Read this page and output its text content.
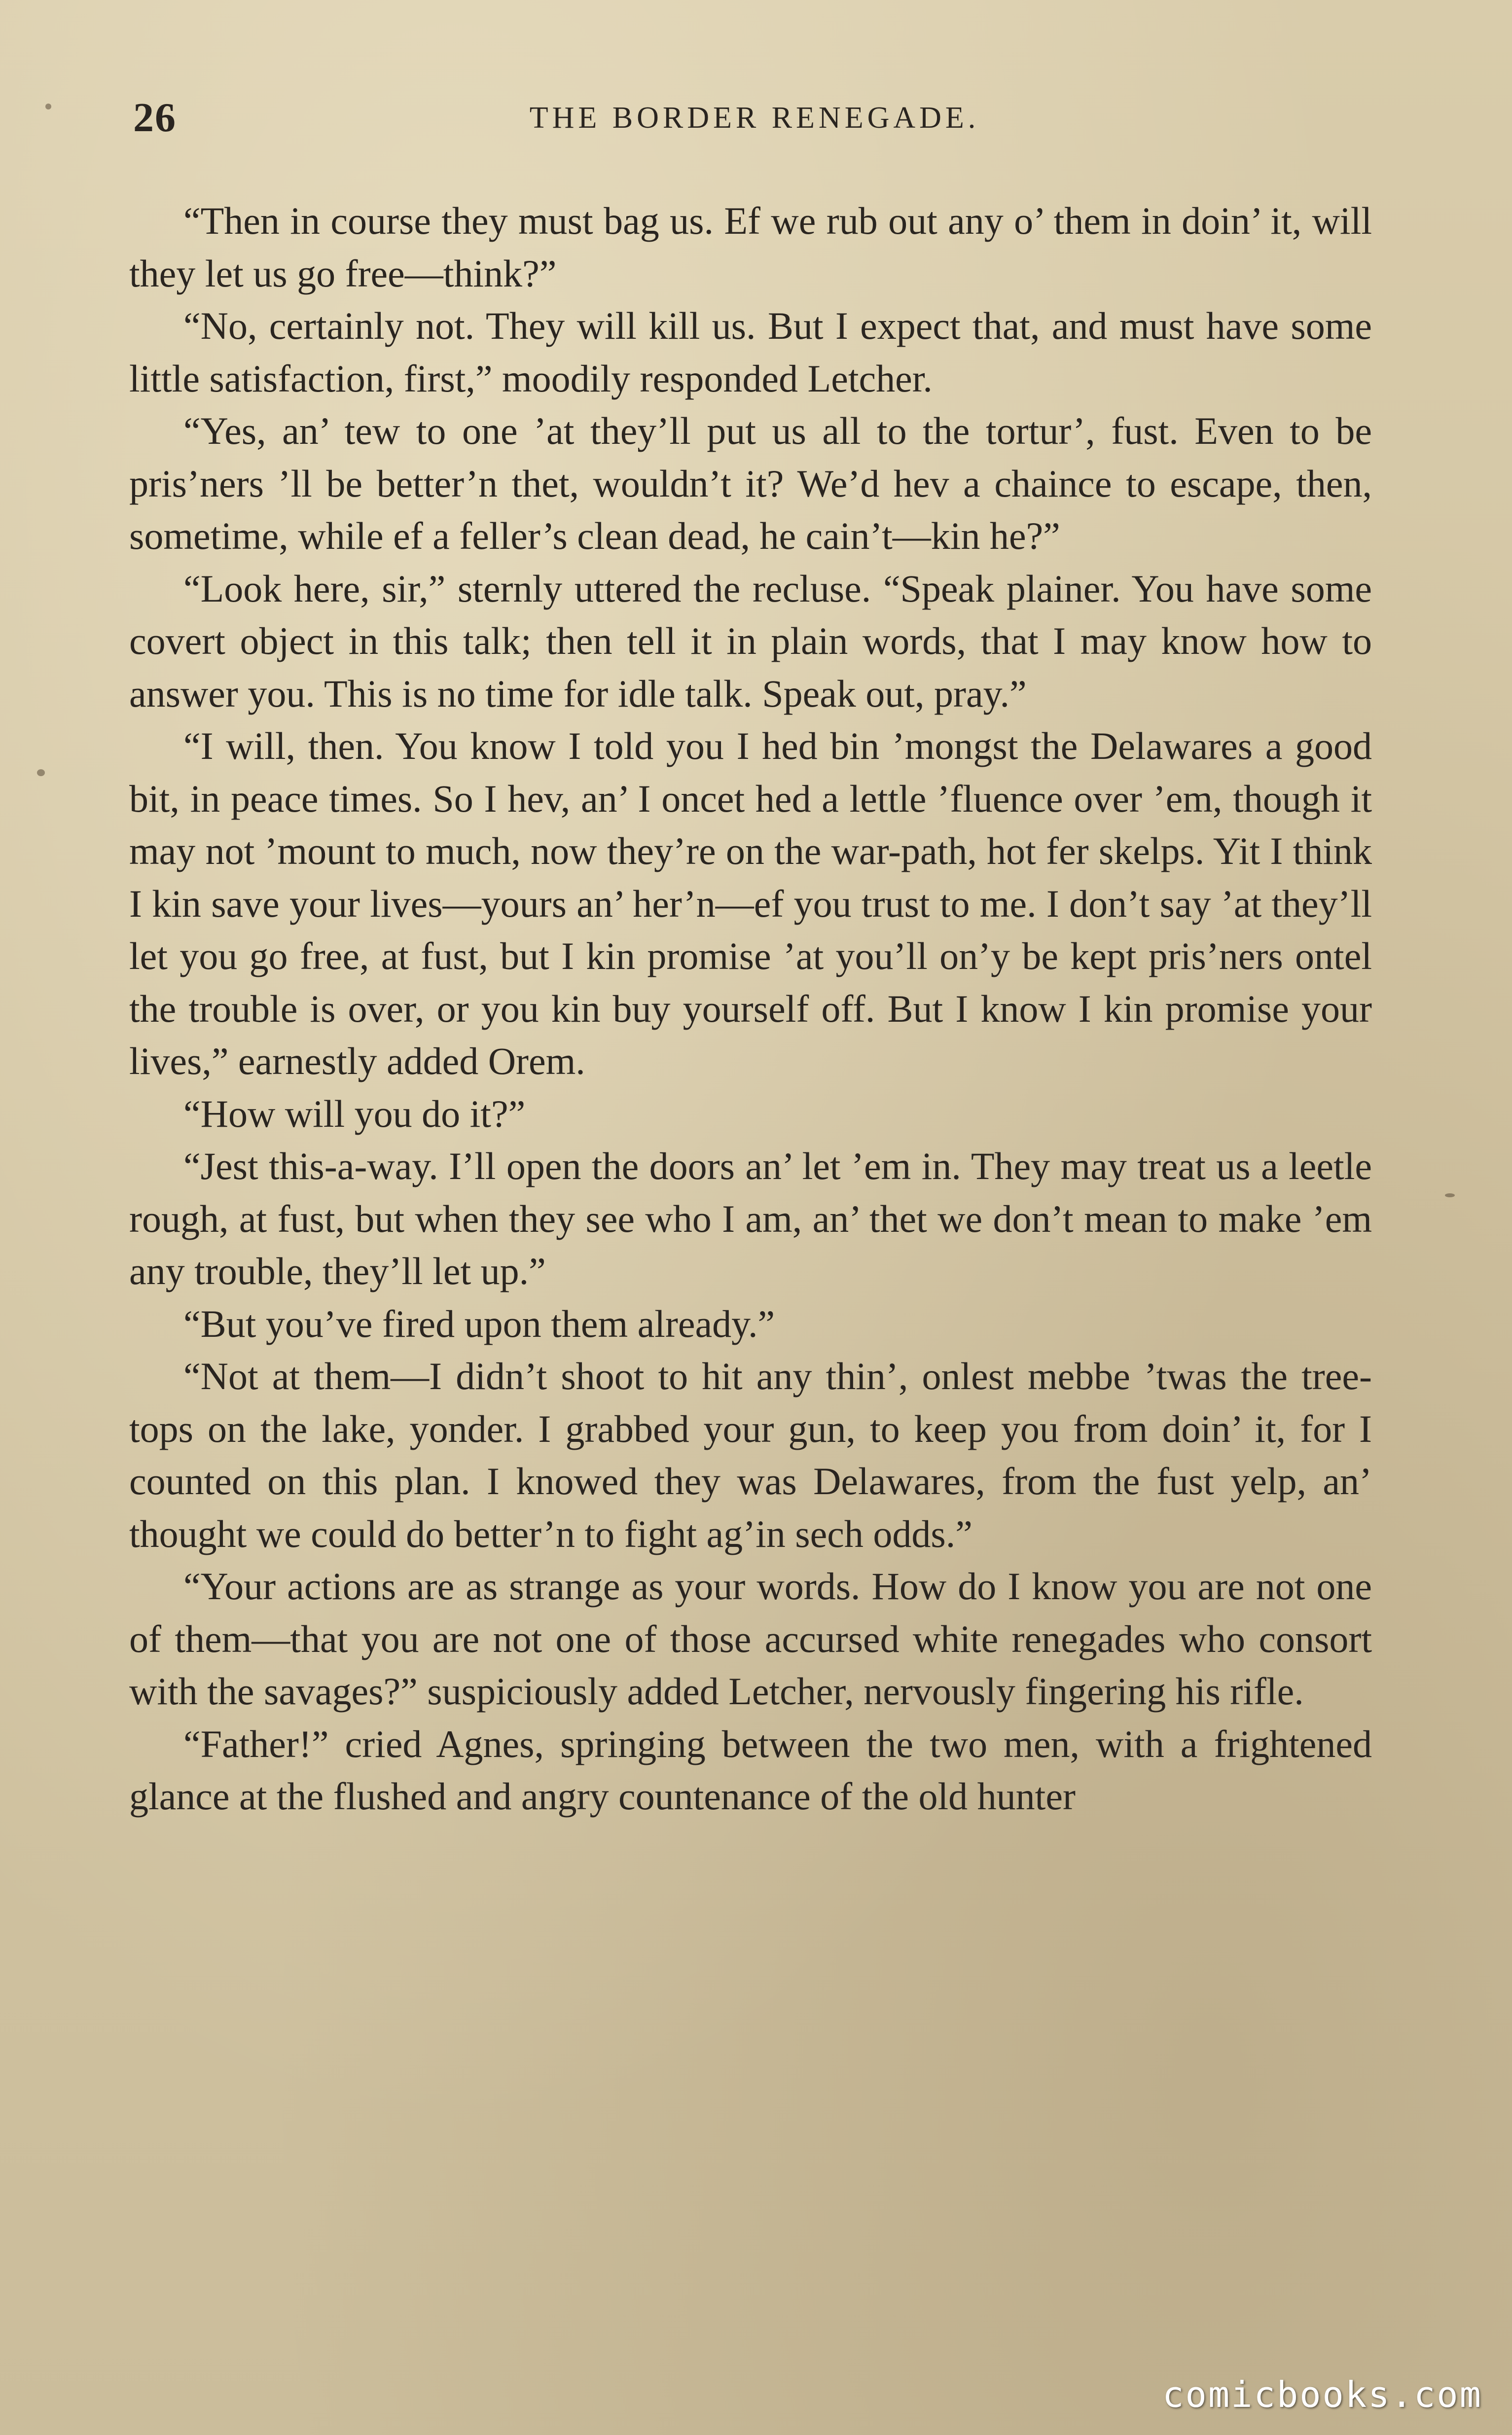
26	THE BORDER RENEGADE.

“Then in course they must bag us. Ef we rub out any o’ them in doin’ it, will they let us go free—think?”

“No, certainly not. They will kill us. But I expect that, and must have some little satisfaction, first,” moodily responded Letcher.

“Yes, an’ tew to one ’at they’ll put us all to the tortur’, fust. Even to be pris’ners ’ll be better’n thet, wouldn’t it? We’d hev a chaince to escape, then, sometime, while ef a feller’s clean dead, he cain’t—kin he?”

“Look here, sir,” sternly uttered the recluse. “Speak plainer. You have some covert object in this talk; then tell it in plain words, that I may know how to answer you. This is no time for idle talk. Speak out, pray.”

“I will, then. You know I told you I hed bin ’mongst the Delawares a good bit, in peace times. So I hev, an’ I oncet hed a lettle ’fluence over ’em, though it may not ’mount to much, now they’re on the war-path, hot fer skelps. Yit I think I kin save your lives—yours an’ her’n—ef you trust to me. I don’t say ’at they’ll let you go free, at fust, but I kin promise ’at you’ll on’y be kept pris’ners ontel the trouble is over, or you kin buy yourself off. But I know I kin promise your lives,” earnestly added Orem.

“How will you do it?”

“Jest this-a-way. I’ll open the doors an’ let ’em in. They may treat us a leetle rough, at fust, but when they see who I am, an’ thet we don’t mean to make ’em any trouble, they’ll let up.”

“But you’ve fired upon them already.”

“Not at them—I didn’t shoot to hit any thin’, onlest mebbe ’twas the tree-tops on the lake, yonder. I grabbed your gun, to keep you from doin’ it, for I counted on this plan. I knowed they was Delawares, from the fust yelp, an’ thought we could do better’n to fight ag’in sech odds.”

“Your actions are as strange as your words. How do I know you are not one of them—that you are not one of those accursed white renegades who consort with the savages?” suspiciously added Letcher, nervously fingering his rifle.

“Father!” cried Agnes, springing between the two men, with a frightened glance at the flushed and angry countenance of the old hunter

comicbooks.com
